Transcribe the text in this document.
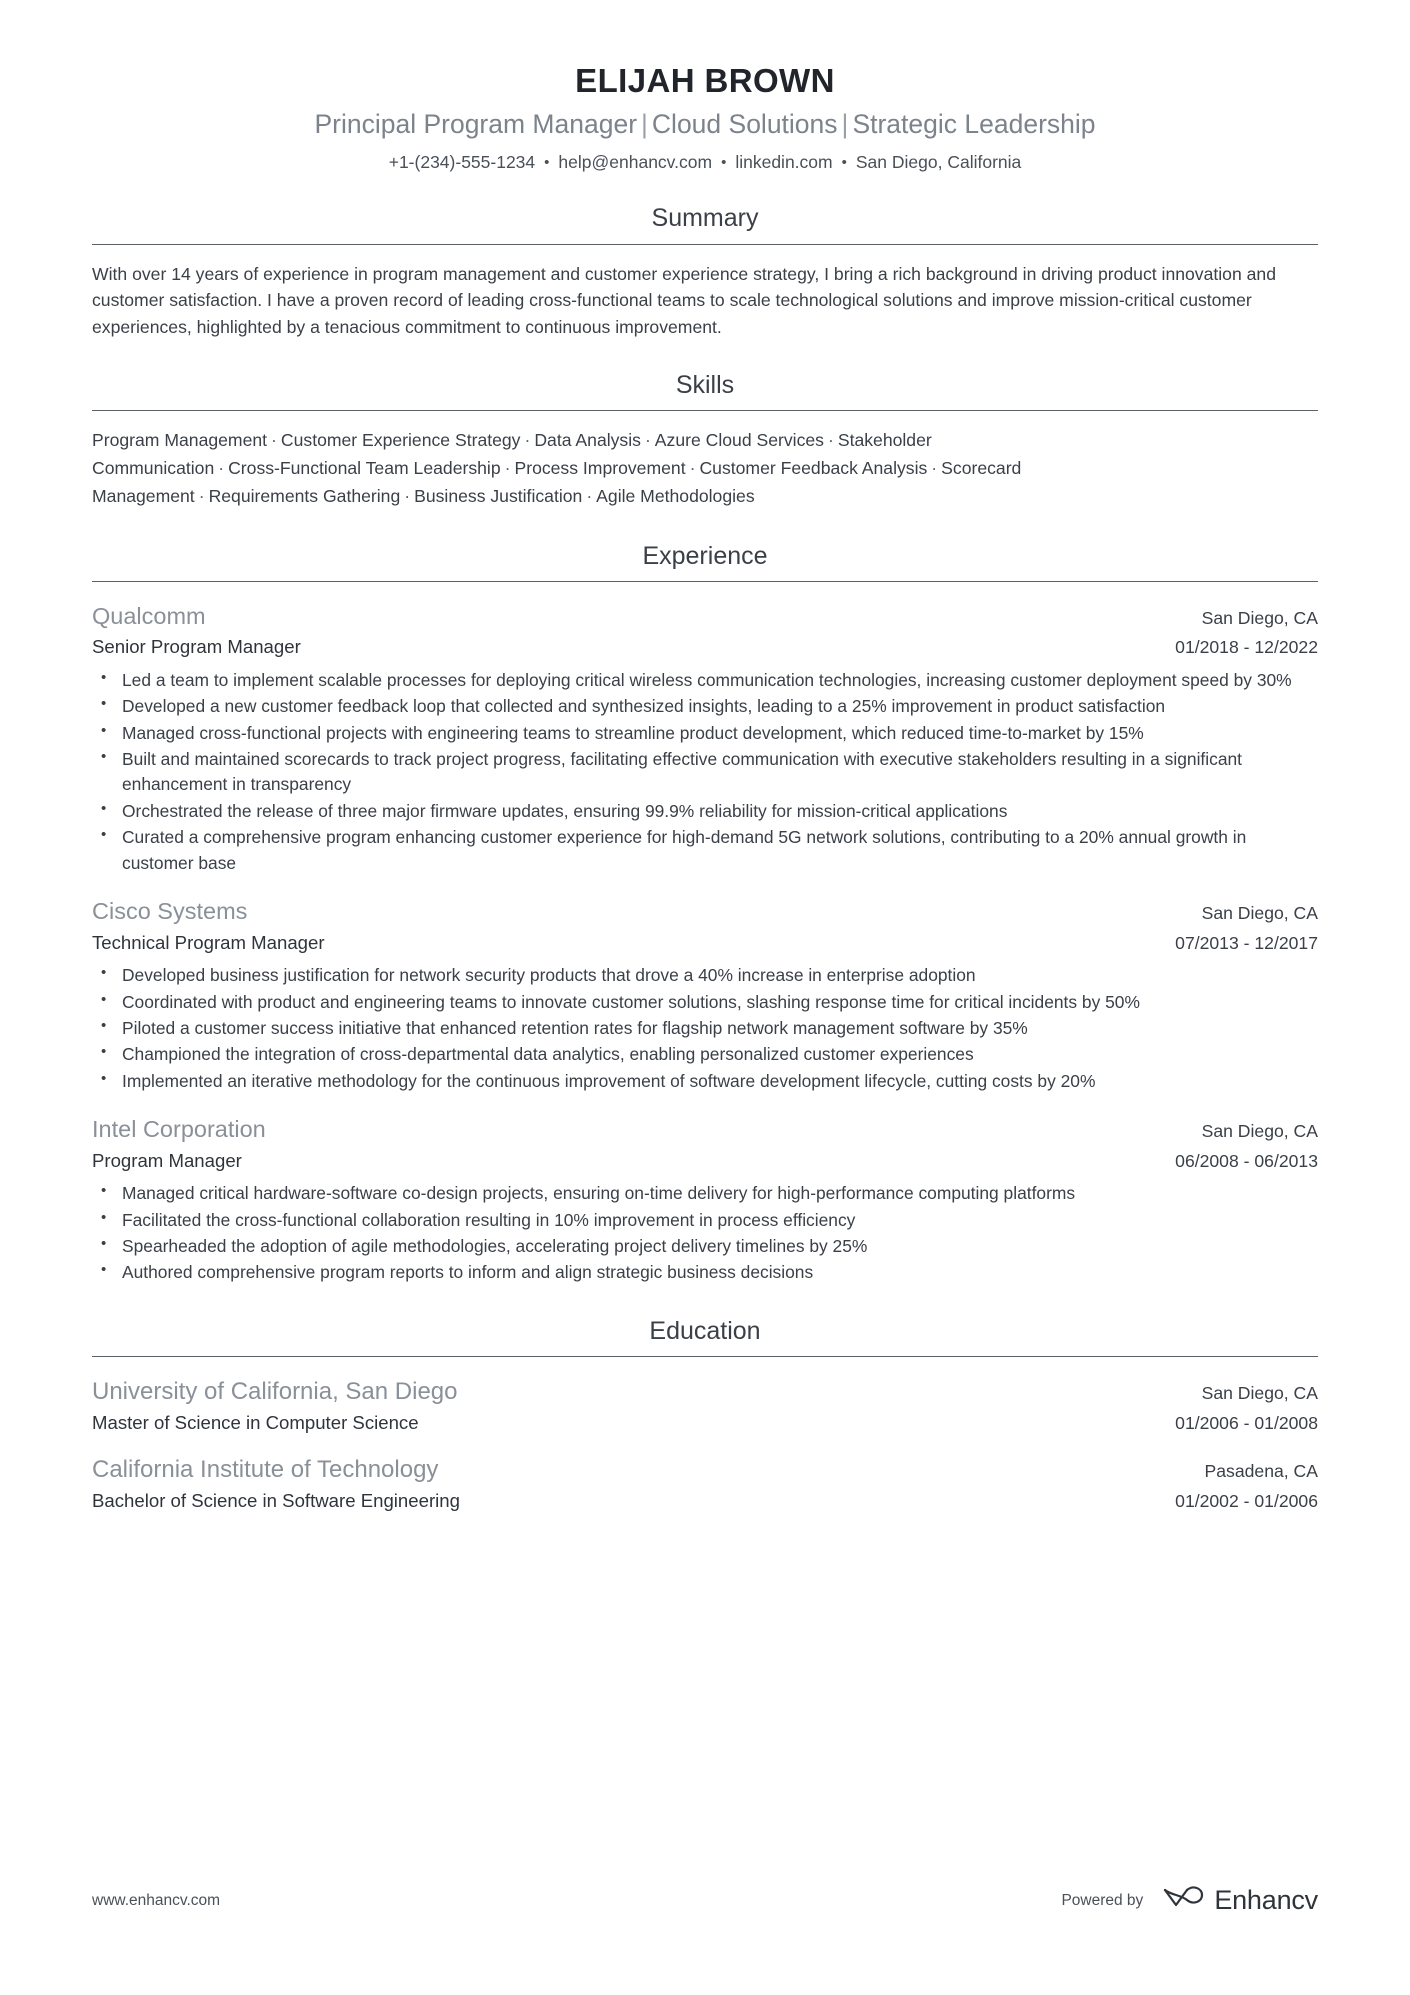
ELIJAH BROWN
Principal Program Manager | Cloud Solutions | Strategic Leadership
+1-(234)-555-1234 • help@enhancv.com • linkedin.com • San Diego, California
Summary
With over 14 years of experience in program management and customer experience strategy, I bring a rich background in driving product innovation and customer satisfaction. I have a proven record of leading cross-functional teams to scale technological solutions and improve mission-critical customer experiences, highlighted by a tenacious commitment to continuous improvement.
Skills
Program Management · Customer Experience Strategy · Data Analysis · Azure Cloud Services · Stakeholder Communication · Cross-Functional Team Leadership · Process Improvement · Customer Feedback Analysis · Scorecard Management · Requirements Gathering · Business Justification · Agile Methodologies
Experience
Qualcomm	San Diego, CA
Senior Program Manager	01/2018 - 12/2022
• Led a team to implement scalable processes for deploying critical wireless communication technologies, increasing customer deployment speed by 30%
• Developed a new customer feedback loop that collected and synthesized insights, leading to a 25% improvement in product satisfaction
• Managed cross-functional projects with engineering teams to streamline product development, which reduced time-to-market by 15%
• Built and maintained scorecards to track project progress, facilitating effective communication with executive stakeholders resulting in a significant enhancement in transparency
• Orchestrated the release of three major firmware updates, ensuring 99.9% reliability for mission-critical applications
• Curated a comprehensive program enhancing customer experience for high-demand 5G network solutions, contributing to a 20% annual growth in customer base
Cisco Systems	San Diego, CA
Technical Program Manager	07/2013 - 12/2017
• Developed business justification for network security products that drove a 40% increase in enterprise adoption
• Coordinated with product and engineering teams to innovate customer solutions, slashing response time for critical incidents by 50%
• Piloted a customer success initiative that enhanced retention rates for flagship network management software by 35%
• Championed the integration of cross-departmental data analytics, enabling personalized customer experiences
• Implemented an iterative methodology for the continuous improvement of software development lifecycle, cutting costs by 20%
Intel Corporation	San Diego, CA
Program Manager	06/2008 - 06/2013
• Managed critical hardware-software co-design projects, ensuring on-time delivery for high-performance computing platforms
• Facilitated the cross-functional collaboration resulting in 10% improvement in process efficiency
• Spearheaded the adoption of agile methodologies, accelerating project delivery timelines by 25%
• Authored comprehensive program reports to inform and align strategic business decisions
Education
University of California, San Diego	San Diego, CA
Master of Science in Computer Science	01/2006 - 01/2008
California Institute of Technology	Pasadena, CA
Bachelor of Science in Software Engineering	01/2002 - 01/2006
www.enhancv.com	Powered by	Enhancv
